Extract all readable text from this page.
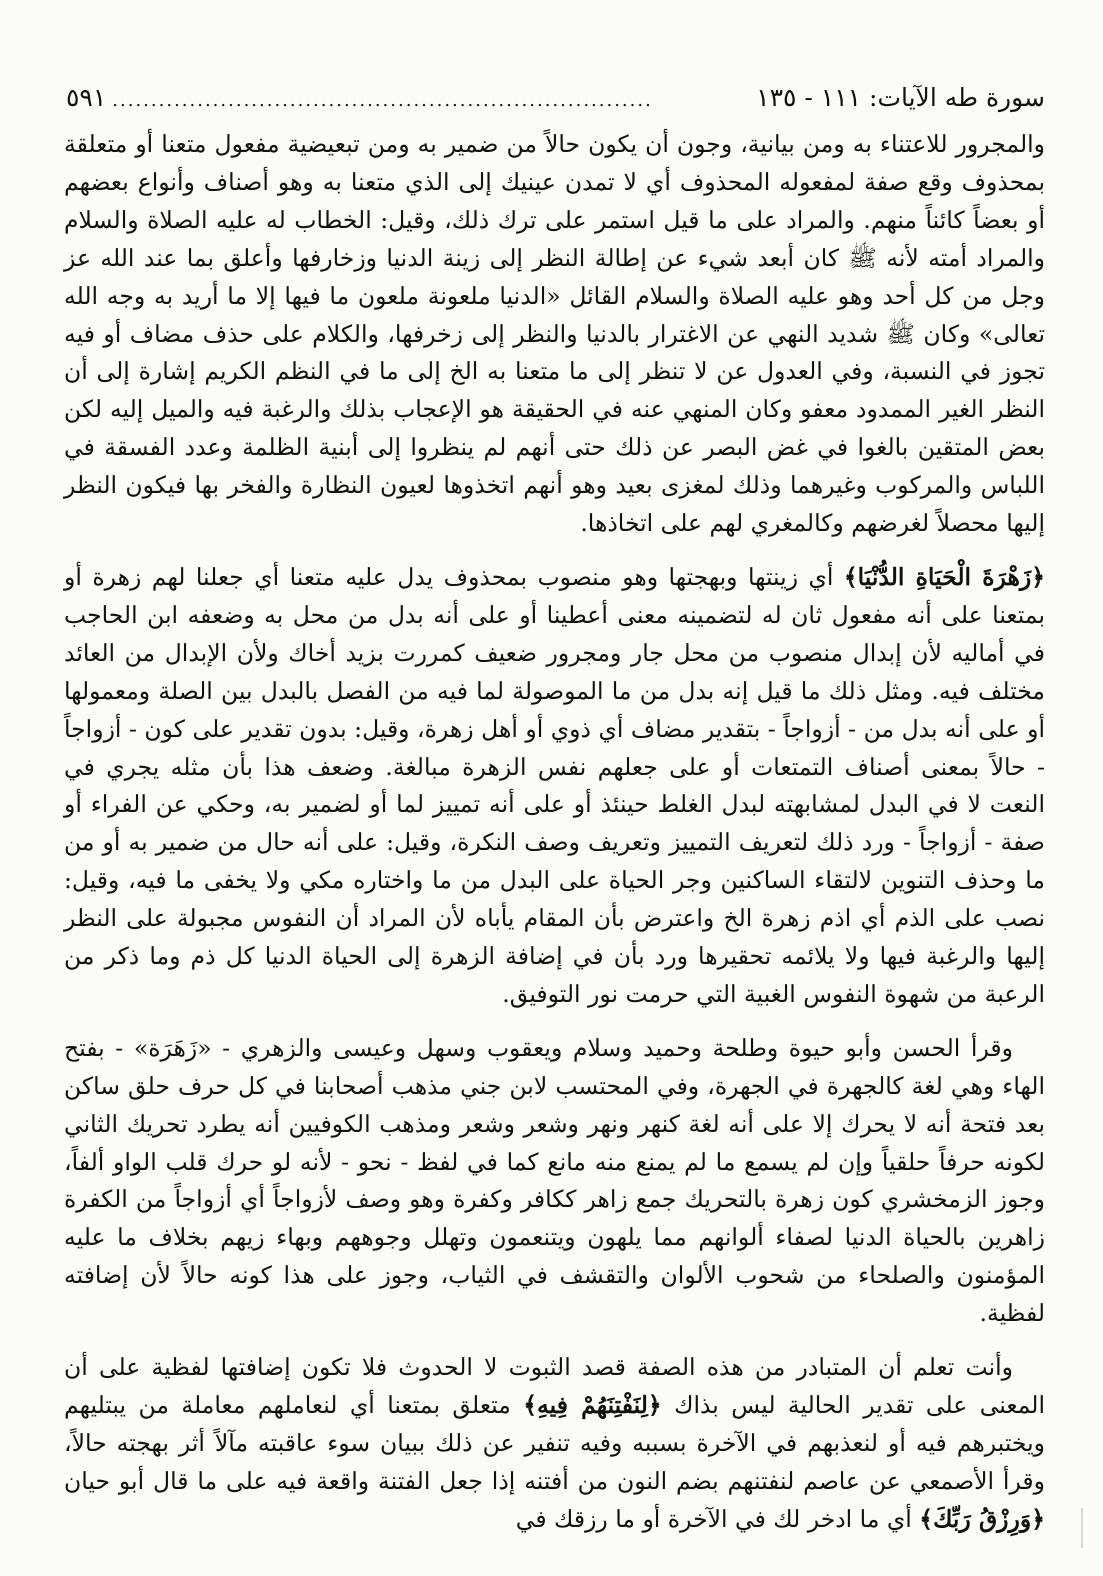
سورة طه الآيات: ١١١ - ١٣٥
......................................................................
٥٩١

والمجرور للاعتناء به ومن بيانية، وجون أن يكون حالاً من ضمير به ومن تبعيضية مفعول متعنا أو متعلقة بمحذوف وقع صفة لمفعوله المحذوف أي لا تمدن عينيك إلى الذي متعنا به وهو أصناف وأنواع بعضهم أو بعضاً كائناً منهم. والمراد على ما قيل استمر على ترك ذلك، وقيل: الخطاب له عليه الصلاة والسلام والمراد أمته لأنه ﷺ كان أبعد شيء عن إطالة النظر إلى زينة الدنيا وزخارفها وأعلق بما عند الله عز وجل من كل أحد وهو عليه الصلاة والسلام القائل «الدنيا ملعونة ملعون ما فيها إلا ما أريد به وجه الله تعالى» وكان ﷺ شديد النهي عن الاغترار بالدنيا والنظر إلى زخرفها، والكلام على حذف مضاف أو فيه تجوز في النسبة، وفي العدول عن لا تنظر إلى ما متعنا به الخ إلى ما في النظم الكريم إشارة إلى أن النظر الغير الممدود معفو وكان المنهي عنه في الحقيقة هو الإعجاب بذلك والرغبة فيه والميل إليه لكن بعض المتقين بالغوا في غض البصر عن ذلك حتى أنهم لم ينظروا إلى أبنية الظلمة وعدد الفسقة في اللباس والمركوب وغيرهما وذلك لمغزى بعيد وهو أنهم اتخذوها لعيون النظارة والفخر بها فيكون النظر إليها محصلاً لغرضهم وكالمغري لهم على اتخاذها.

﴿زَهْرَةَ الْحَيَاةِ الدُّنْيَا﴾ أي زينتها وبهجتها وهو منصوب بمحذوف يدل عليه متعنا أي جعلنا لهم زهرة أو بمتعنا على أنه مفعول ثان له لتضمينه معنى أعطينا أو على أنه بدل من محل به وضعفه ابن الحاجب في أماليه لأن إبدال منصوب من محل جار ومجرور ضعيف كمررت بزيد أخاك ولأن الإبدال من العائد مختلف فيه. ومثل ذلك ما قيل إنه بدل من ما الموصولة لما فيه من الفصل بالبدل بين الصلة ومعمولها أو على أنه بدل من - أزواجاً - بتقدير مضاف أي ذوي أو أهل زهرة، وقيل: بدون تقدير على كون - أزواجاً - حالاً بمعنى أصناف التمتعات أو على جعلهم نفس الزهرة مبالغة. وضعف هذا بأن مثله يجري في النعت لا في البدل لمشابهته لبدل الغلط حينئذ أو على أنه تمييز لما أو لضمير به، وحكي عن الفراء أو صفة - أزواجاً - ورد ذلك لتعريف التمييز وتعريف وصف النكرة، وقيل: على أنه حال من ضمير به أو من ما وحذف التنوين لالتقاء الساكنين وجر الحياة على البدل من ما واختاره مكي ولا يخفى ما فيه، وقيل: نصب على الذم أي اذم زهرة الخ واعترض بأن المقام يأباه لأن المراد أن النفوس مجبولة على النظر إليها والرغبة فيها ولا يلائمه تحقيرها ورد بأن في إضافة الزهرة إلى الحياة الدنيا كل ذم وما ذكر من الرعبة من شهوة النفوس الغبية التي حرمت نور التوفيق.

وقرأ الحسن وأبو حيوة وطلحة وحميد وسلام ويعقوب وسهل وعيسى والزهري - «زَهَرَة» - بفتح الهاء وهي لغة كالجهرة في الجهرة، وفي المحتسب لابن جني مذهب أصحابنا في كل حرف حلق ساكن بعد فتحة أنه لا يحرك إلا على أنه لغة كنهر ونهر وشعر وشعر ومذهب الكوفيين أنه يطرد تحريك الثاني لكونه حرفاً حلقياً وإن لم يسمع ما لم يمنع منه مانع كما في لفظ - نحو - لأنه لو حرك قلب الواو ألفاً، وجوز الزمخشري كون زهرة بالتحريك جمع زاهر ككافر وكفرة وهو وصف لأزواجاً أي أزواجاً من الكفرة زاهرين بالحياة الدنيا لصفاء ألوانهم مما يلهون ويتنعمون وتهلل وجوههم وبهاء زيهم بخلاف ما عليه المؤمنون والصلحاء من شحوب الألوان والتقشف في الثياب، وجوز على هذا كونه حالاً لأن إضافته لفظية.

وأنت تعلم أن المتبادر من هذه الصفة قصد الثبوت لا الحدوث فلا تكون إضافتها لفظية على أن المعنى على تقدير الحالية ليس بذاك ﴿لِنَفْتِنَهُمْ فِيهِ﴾ متعلق بمتعنا أي لنعاملهم معاملة من يبتليهم ويختبرهم فيه أو لنعذبهم في الآخرة بسببه وفيه تنفير عن ذلك ببيان سوء عاقبته مآلاً أثر بهجته حالاً، وقرأ الأصمعي عن عاصم لنفتنهم بضم النون من أفتنه إذا جعل الفتنة واقعة فيه على ما قال أبو حيان ﴿وَرِزْقُ رَبِّكَ﴾ أي ما ادخر لك في الآخرة أو ما رزقك في
